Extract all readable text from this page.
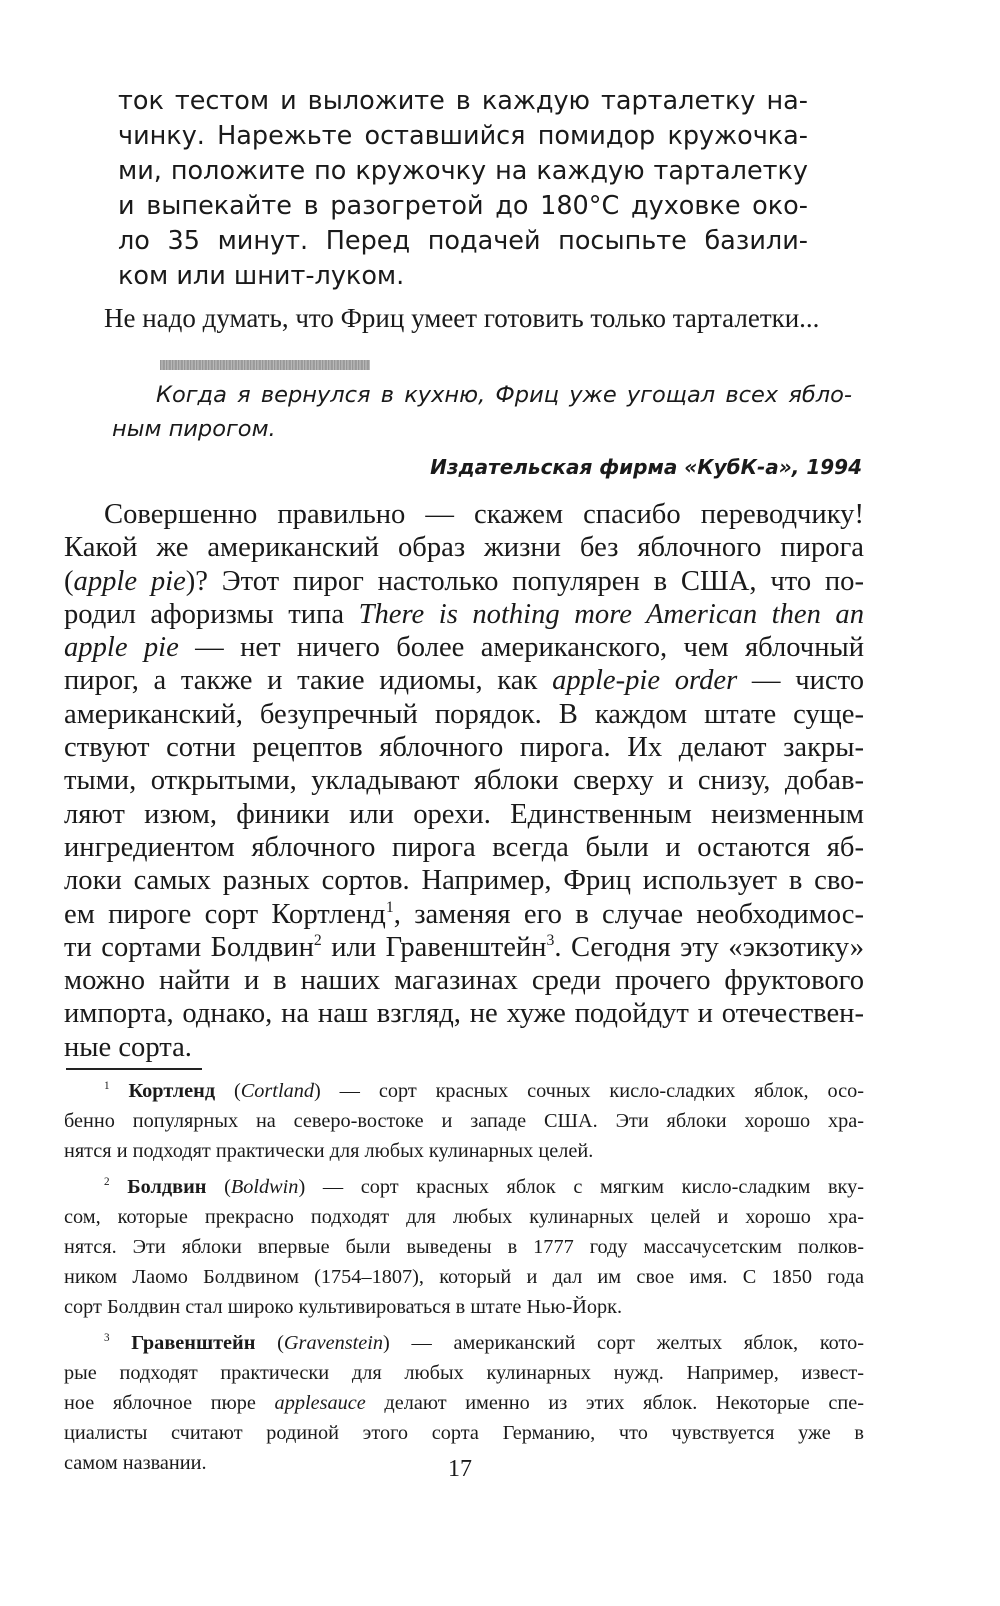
ток тестом и выложите в каждую тарталетку на-
чинку. Нарежьте оставшийся помидор кружочка-
ми, положите по кружочку на каждую тарталетку
и выпекайте в разогретой до 180°С духовке око-
ло 35 минут. Перед подачей посыпьте базили-
ком или шнит-луком.
Не надо думать, что Фриц умеет готовить только тарталетки...
Когда я вернулся в кухню, Фриц уже угощал всех ябло-
ным пирогом.
Издательская фирма «КубК-а», 1994
Совершенно правильно — скажем спасибо переводчику!
Какой же американский образ жизни без яблочного пирога
(apple pie)? Этот пирог настолько популярен в США, что по-
родил афоризмы типа There is nothing more American then an
apple pie — нет ничего более американского, чем яблочный
пирог, а также и такие идиомы, как apple-pie order — чисто
американский, безупречный порядок. В каждом штате суще-
ствуют сотни рецептов яблочного пирога. Их делают закры-
тыми, открытыми, укладывают яблоки сверху и снизу, добав-
ляют изюм, финики или орехи. Единственным неизменным
ингредиентом яблочного пирога всегда были и остаются яб-
локи самых разных сортов. Например, Фриц использует в сво-
ем пироге сорт Кортленд$^1$, заменяя его в случае необходимос-
ти сортами Болдвин$^2$ или Гравенштейн$^3$. Сегодня эту «экзотику»
можно найти и в наших магазинах среди прочего фруктового
импорта, однако, на наш взгляд, не хуже подойдут и отечествен-
ные сорта.
$^1$ Кортленд (Cortland) — сорт красных сочных кисло-сладких яблок, осо-
бенно популярных на северо-востоке и западе США. Эти яблоки хорошо хра-
нятся и подходят практически для любых кулинарных целей.
$^2$ Болдвин (Boldwin) — сорт красных яблок с мягким кисло-сладким вку-
сом, которые прекрасно подходят для любых кулинарных целей и хорошо хра-
нятся. Эти яблоки впервые были выведены в 1777 году массачусетским полков-
ником Лаомо Болдвином (1754–1807), который и дал им свое имя. С 1850 года
сорт Болдвин стал широко культивироваться в штате Нью-Йорк.
$^3$ Гравенштейн (Gravenstein) — американский сорт желтых яблок, кото-
рые подходят практически для любых кулинарных нужд. Например, извест-
ное яблочное пюре applesauce делают именно из этих яблок. Некоторые спе-
циалисты считают родиной этого сорта Германию, что чувствуется уже в
самом названии.	17
